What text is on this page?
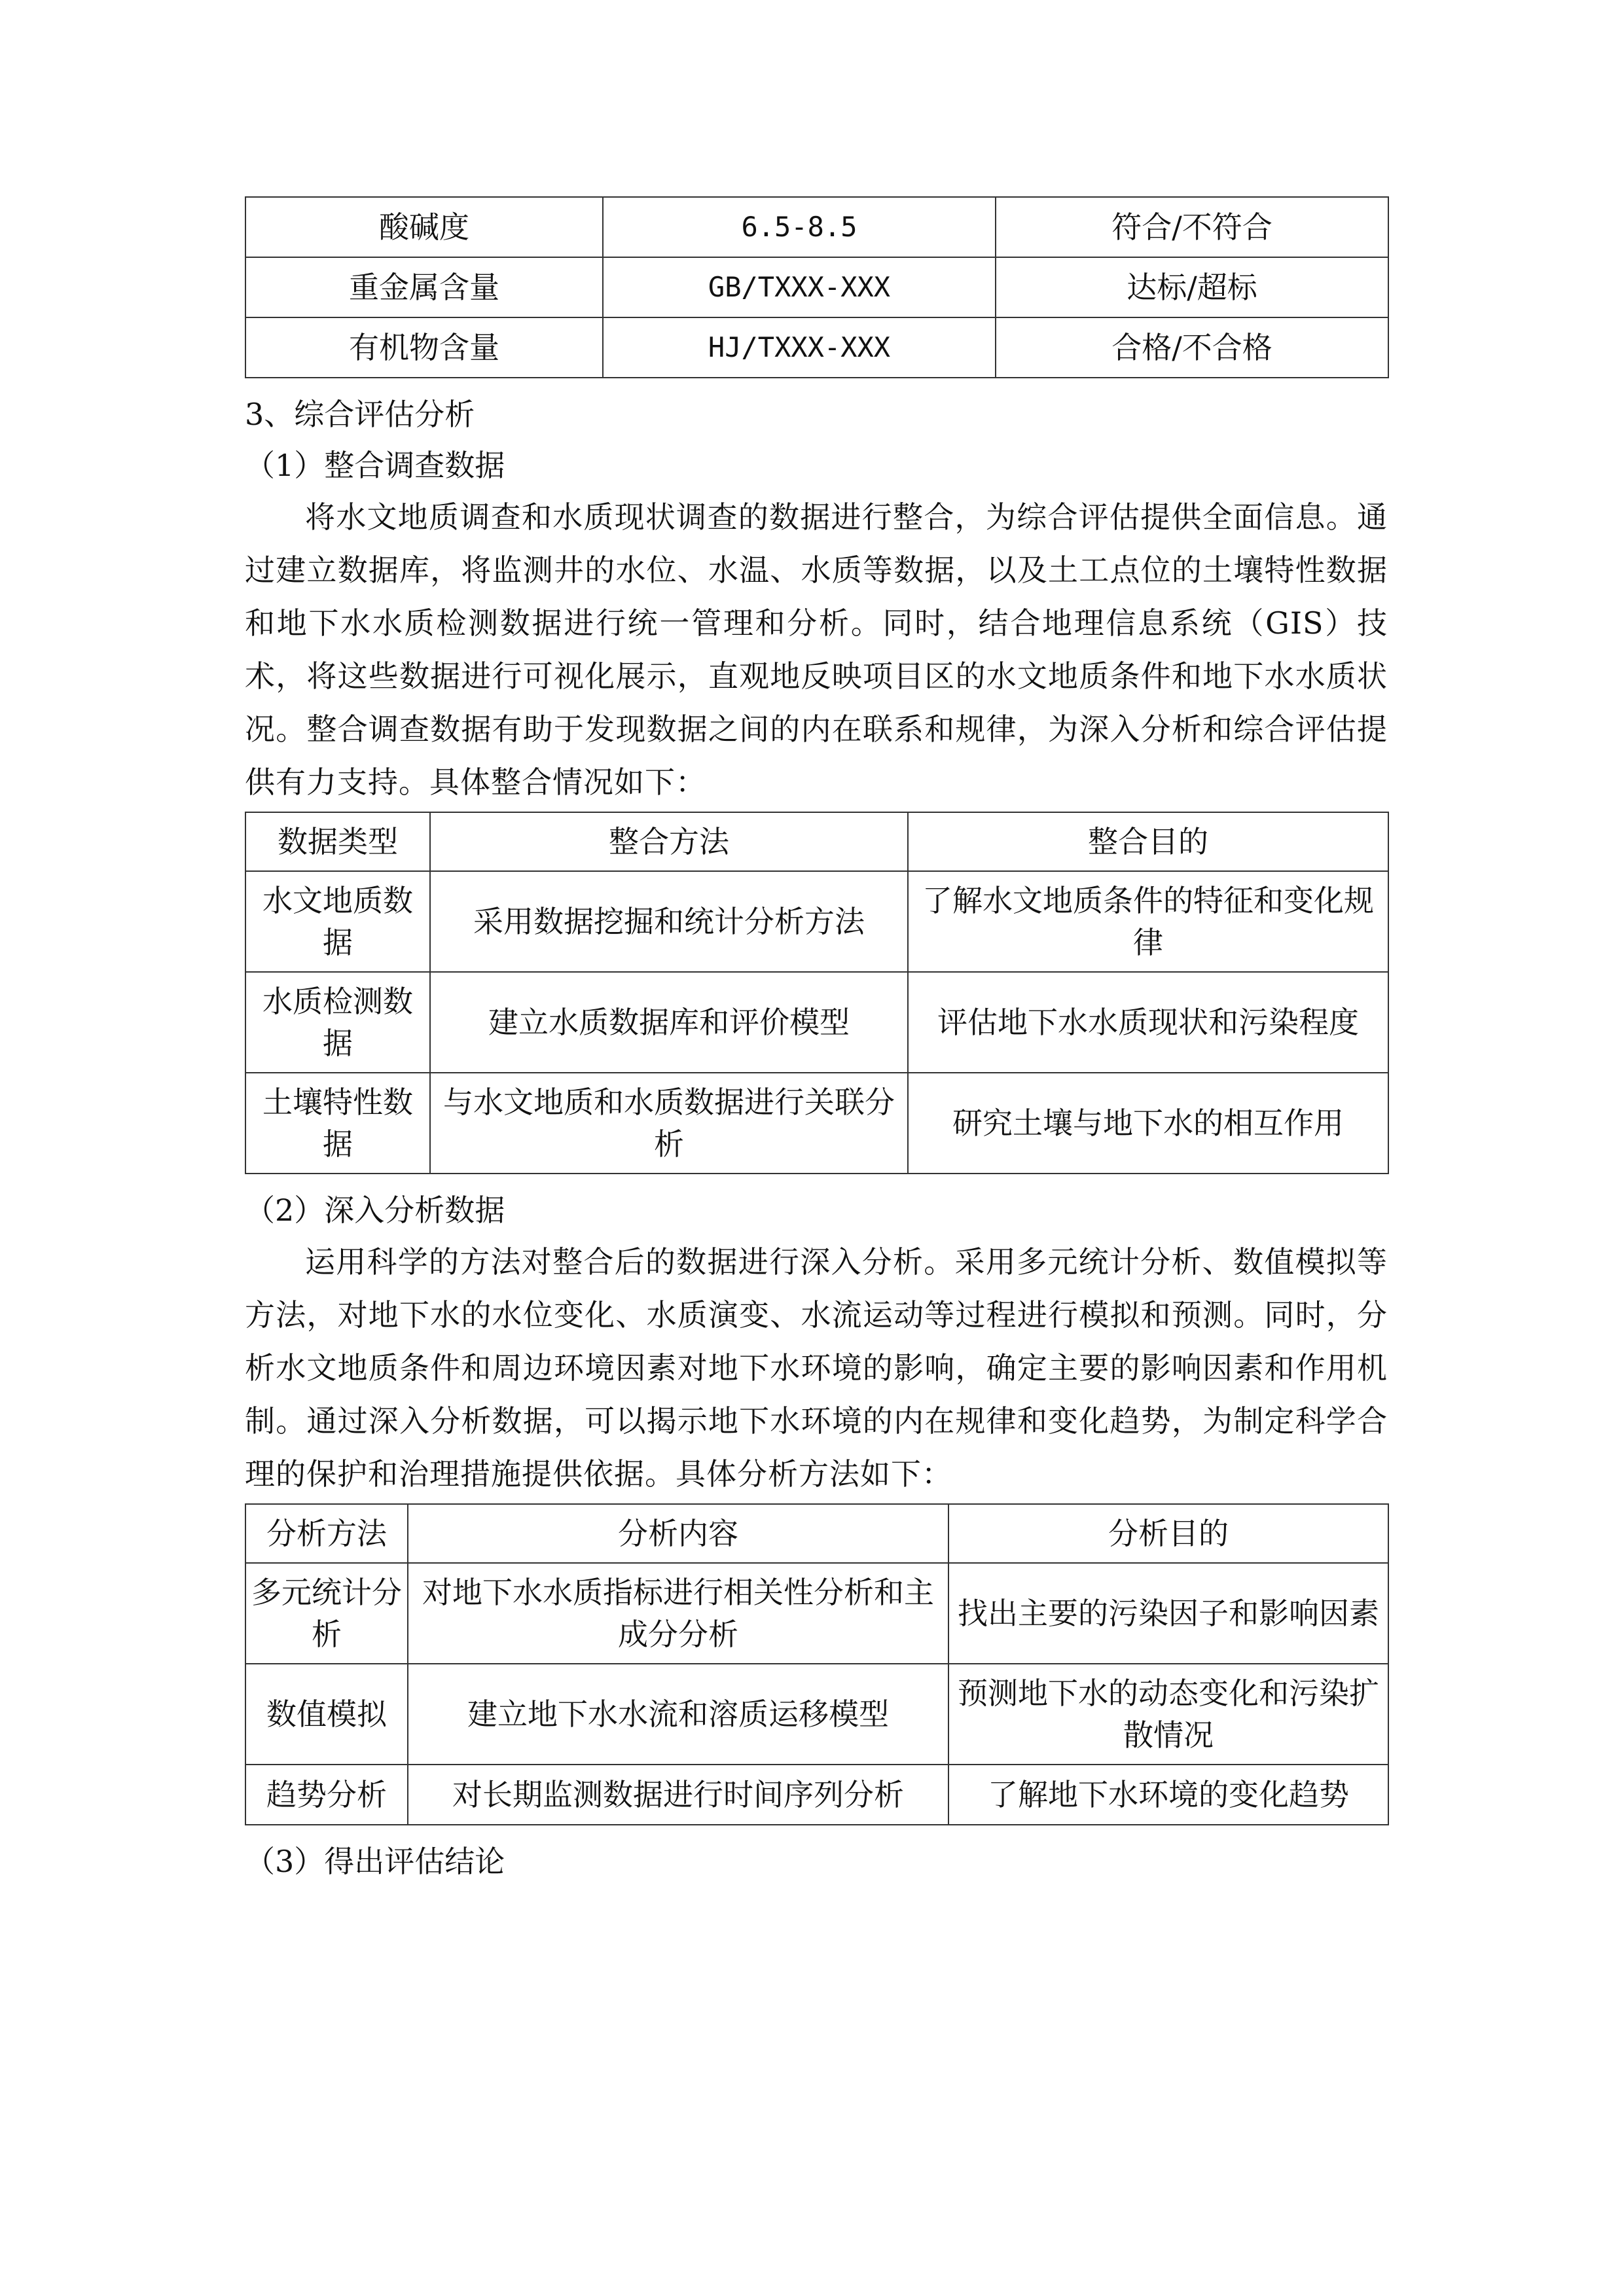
酸碱度	6.5-8.5	符合/不符合
重金属含量	GB/TXXX-XXX	达标/超标
有机物含量	HJ/TXXX-XXX	合格/不合格

3、综合评估分析

（1）整合调查数据

将水文地质调查和水质现状调查的数据进行整合，为综合评估提供全面信息。通过建立数据库，将监测井的水位、水温、水质等数据，以及土工点位的土壤特性数据和地下水水质检测数据进行统一管理和分析。同时，结合地理信息系统（GIS）技术，将这些数据进行可视化展示，直观地反映项目区的水文地质条件和地下水水质状况。整合调查数据有助于发现数据之间的内在联系和规律，为深入分析和综合评估提供有力支持。具体整合情况如下：

数据类型	整合方法	整合目的
水文地质数据	采用数据挖掘和统计分析方法	了解水文地质条件的特征和变化规律
水质检测数据	建立水质数据库和评价模型	评估地下水水质现状和污染程度
土壤特性数据	与水文地质和水质数据进行关联分析	研究土壤与地下水的相互作用

（2）深入分析数据

运用科学的方法对整合后的数据进行深入分析。采用多元统计分析、数值模拟等方法，对地下水的水位变化、水质演变、水流运动等过程进行模拟和预测。同时，分析水文地质条件和周边环境因素对地下水环境的影响，确定主要的影响因素和作用机制。通过深入分析数据，可以揭示地下水环境的内在规律和变化趋势，为制定科学合理的保护和治理措施提供依据。具体分析方法如下：

分析方法	分析内容	分析目的
多元统计分析	对地下水水质指标进行相关性分析和主成分分析	找出主要的污染因子和影响因素
数值模拟	建立地下水水流和溶质运移模型	预测地下水的动态变化和污染扩散情况
趋势分析	对长期监测数据进行时间序列分析	了解地下水环境的变化趋势

（3）得出评估结论
